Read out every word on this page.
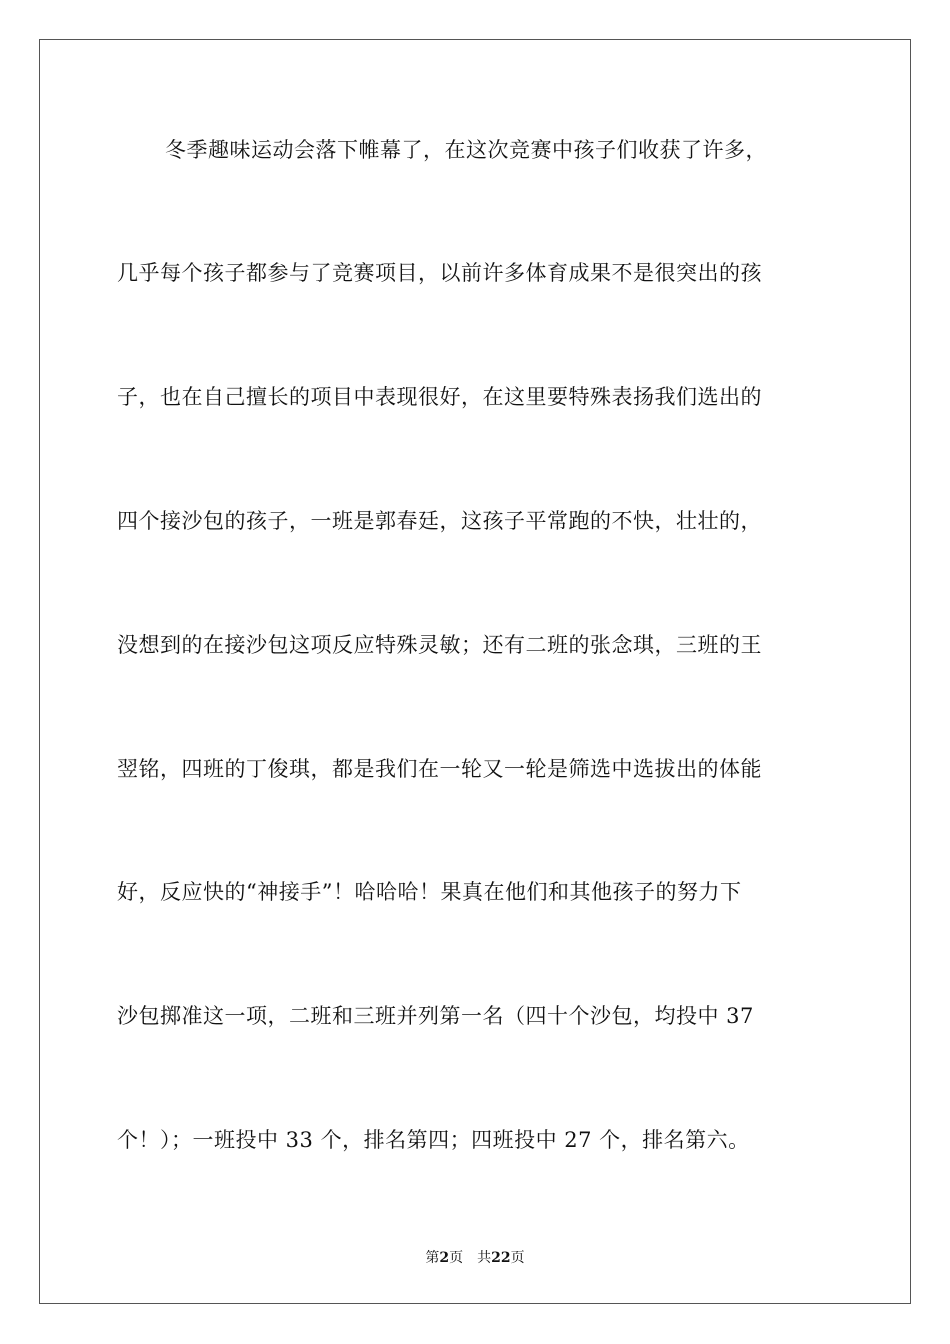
冬季趣味运动会落下帷幕了，在这次竞赛中孩子们收获了许多，
几乎每个孩子都参与了竞赛项目，以前许多体育成果不是很突出的孩
子，也在自己擅长的项目中表现很好，在这里要特殊表扬我们选出的
四个接沙包的孩子，一班是郭春廷，这孩子平常跑的不快，壮壮的，
没想到的在接沙包这项反应特殊灵敏；还有二班的张念琪，三班的王
翌铭，四班的丁俊琪，都是我们在一轮又一轮是筛选中选拔出的体能
好，反应快的“神接手”！哈哈哈！果真在他们和其他孩子的努力下
沙包掷准这一项，二班和三班并列第一名（四十个沙包，均投中 37
个！）；一班投中 33 个，排名第四；四班投中 27 个，排名第六。
第2页 共22页
